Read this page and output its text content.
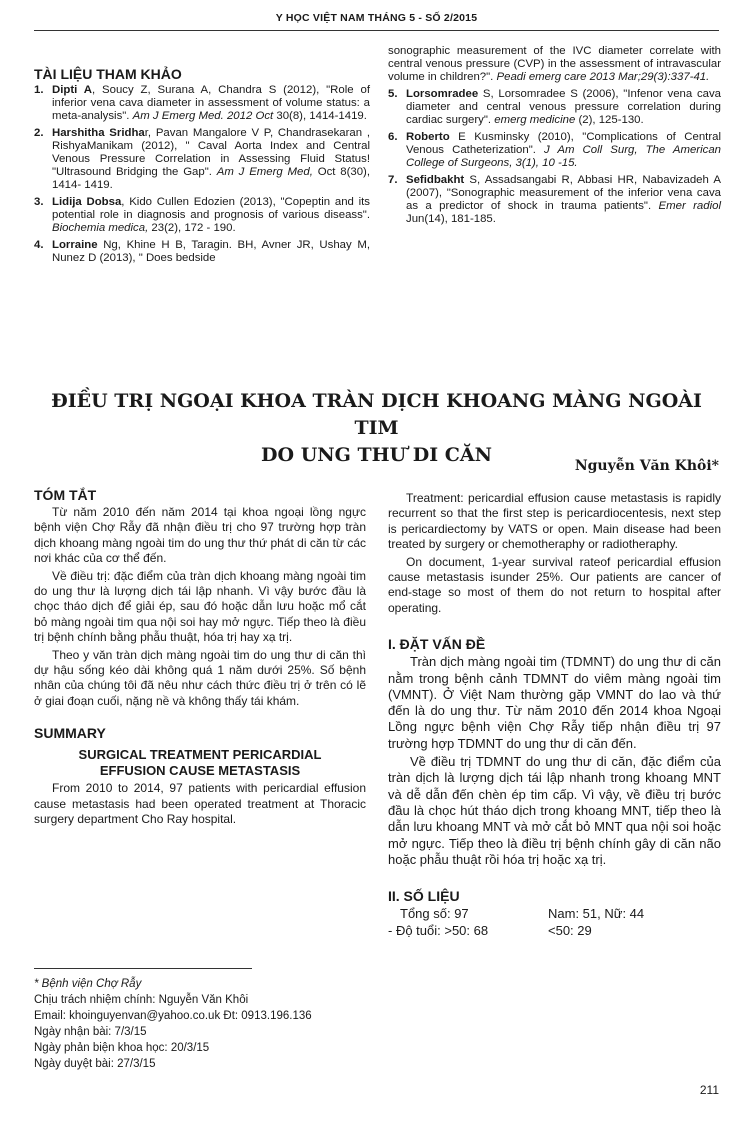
Y HỌC VIỆT NAM THÁNG 5 - SỐ 2/2015
TÀI LIỆU THAM KHẢO
1. Dipti A, Soucy Z, Surana A, Chandra S (2012), "Role of inferior vena cava diameter in assessment of volume status: a meta-analysis". Am J Emerg Med. 2012 Oct 30(8), 1414-1419.
2. Harshitha Sridhar, Pavan Mangalore V P, Chandrasekaran , RishyaManikam (2012), " Caval Aorta Index and Central Venous Pressure Correlation in Assessing Fluid Status! "Ultrasound Bridging the Gap". Am J Emerg Med, Oct 8(30), 1414- 1419.
3. Lidija Dobsa, Kido Cullen Edozien (2013), "Copeptin and its potential role in diagnosis and prognosis of various diseass". Biochemia medica, 23(2), 172 - 190.
4. Lorraine Ng, Khine H B, Taragin. BH, Avner JR, Ushay M, Nunez D (2013), " Does bedside
sonographic measurement of the IVC diameter correlate with central venous pressure (CVP) in the assessment of intravascular volume in children?". Peadi emerg care 2013 Mar;29(3):337-41.
5. Lorsomradee S, Lorsomradee S (2006), "Infenor vena cava diameter and central venous pressure correlation during cardiac surgery". emerg medicine (2), 125-130.
6. Roberto E Kusminsky (2010), "Complications of Central Venous Catheterization". J Am Coll Surg, The American College of Surgeons, 3(1), 10 -15.
7. Sefidbakht S, Assadsangabi R, Abbasi HR, Nabavizadeh A (2007), "Sonographic measurement of the inferior vena cava as a predictor of shock in trauma patients". Emer radiol Jun(14), 181-185.
ĐIỀU TRỊ NGOẠI KHOA TRÀN DỊCH KHOANG MÀNG NGOÀI TIM
DO UNG THƯ DI CĂN	Nguyễn Văn Khôi*
TÓM TẮT

Từ năm 2010 đến năm 2014 tại khoa ngoại lồng ngực bệnh viện Chợ Rẫy đã nhận điều trị cho 97 trường hợp tràn dịch khoang màng ngoài tim do ung thư thứ phát di căn từ các nơi khác của cơ thể đến.

Về điều trị: đặc điểm của tràn dịch khoang màng ngoài tim do ung thư là lượng dịch tái lập nhanh. Vì vậy bước đầu là chọc tháo dịch để giải ép, sau đó hoặc dẫn lưu hoặc mổ cắt bỏ màng ngoài tim qua nội soi hay mở ngực. Tiếp theo là điều trị bệnh chính bằng phẫu thuật, hóa trị hay xạ trị.

Theo y văn tràn dịch màng ngoài tim do ung thư di căn thì dự hậu sống kéo dài không quá 1 năm dưới 25%. Số bệnh nhân của chúng tôi đã nêu như cách thức điều trị ở trên có lẽ ở giai đoạn cuối, nặng nề và không thấy tái khám.

SUMMARY
SURGICAL TREATMENT PERICARDIAL
EFFUSION CAUSE METASTASIS

From 2010 to 2014, 97 patients with pericardial effusion cause metastasis had been operated treatment at Thoracic surgery department Cho Ray hospital.

Treatment: pericardial effusion cause metastasis is rapidly recurrent so that the first step is pericardiocentesis, next step is pericardiectomy by VATS or open. Main disease had been treated by surgery or chemotheraphy or radiotheraphy.

On document, 1-year survival rateof pericardial effusion cause metastasis isunder 25%. Our patients are cancer of end-stage so most of them do not return to hospital after operating.

I. ĐẶT VẤN ĐỀ

Tràn dịch màng ngoài tim (TDMNT) do ung thư di căn nằm trong bệnh cảnh TDMNT do viêm màng ngoài tim (VMNT). Ở Việt Nam thường gặp VMNT do lao và thứ đến là do ung thư. Từ năm 2010 đến 2014 khoa Ngoại Lồng ngực bệnh viện Chợ Rẫy tiếp nhận điều trị 97 trường hợp TDMNT do ung thư di căn đến.

Về điều trị TDMNT do ung thư di căn, đặc điểm của tràn dịch là lượng dịch tái lập nhanh trong khoang MNT và dễ dẫn đến chèn ép tim cấp. Vì vậy, về điều trị bước đầu là chọc hút tháo dịch trong khoang MNT, tiếp theo là dẫn lưu khoang MNT và mở cắt bỏ MNT qua nội soi hoặc mở ngực. Tiếp theo là điều trị bệnh chính gây di căn não hoặc phẫu thuật rồi hóa trị hoặc xạ trị.

II. SỐ LIỆU
Tổng số: 97	Nam: 51, Nữ: 44
- Độ tuổi: >50: 68	<50: 29
* Bệnh viện Chợ Rẫy
Chịu trách nhiệm chính: Nguyễn Văn Khôi
Email: khoinguyenvan@yahoo.co.uk Đt: 0913.196.136
Ngày nhận bài: 7/3/15
Ngày phản biện khoa học: 20/3/15
Ngày duyệt bài: 27/3/15
211
